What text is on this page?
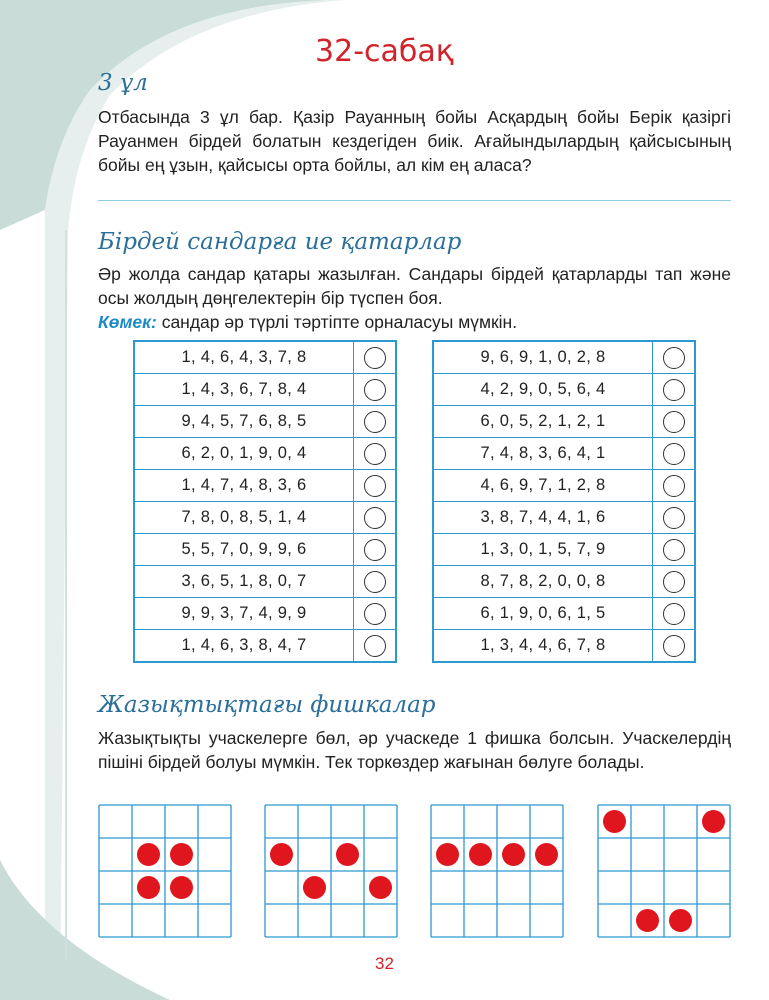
32-сабақ
3 ұл
Отбасында 3 ұл бар. Қазір Рауанның бойы Асқардың бойы Берік қазіргі Рауанмен бірдей болатын кездегіден биік. Ағайындылардың қайсысының бойы ең ұзын, қайсысы орта бойлы, ал кім ең аласа?
Бірдей сандарға ие қатарлар
Әр жолда сандар қатары жазылған. Сандары бірдей қатарларды тап және осы жолдың дөңгелектерін бір түспен боя.
Көмек: сандар әр түрлі тәртіпте орналасуы мүмкін.
1, 4, 6, 4, 3, 7, 8	
1, 4, 3, 6, 7, 8, 4	
9, 4, 5, 7, 6, 8, 5	
6, 2, 0, 1, 9, 0, 4	
1, 4, 7, 4, 8, 3, 6	
7, 8, 0, 8, 5, 1, 4	
5, 5, 7, 0, 9, 9, 6	
3, 6, 5, 1, 8, 0, 7	
9, 9, 3, 7, 4, 9, 9	
1, 4, 6, 3, 8, 4, 7	
9, 6, 9, 1, 0, 2, 8	
4, 2, 9, 0, 5, 6, 4	
6, 0, 5, 2, 1, 2, 1	
7, 4, 8, 3, 6, 4, 1	
4, 6, 9, 7, 1, 2, 8	
3, 8, 7, 4, 4, 1, 6	
1, 3, 0, 1, 5, 7, 9	
8, 7, 8, 2, 0, 0, 8	
6, 1, 9, 0, 6, 1, 5	
1, 3, 4, 4, 6, 7, 8	
Жазықтықтағы фишкалар
Жазықтықты учаскелерге бөл, әр учаскеде 1 фишка болсын. Учаскелердің пішіні бірдей болуы мүмкін. Тек торкөздер жағынан бөлуге болады.
32
